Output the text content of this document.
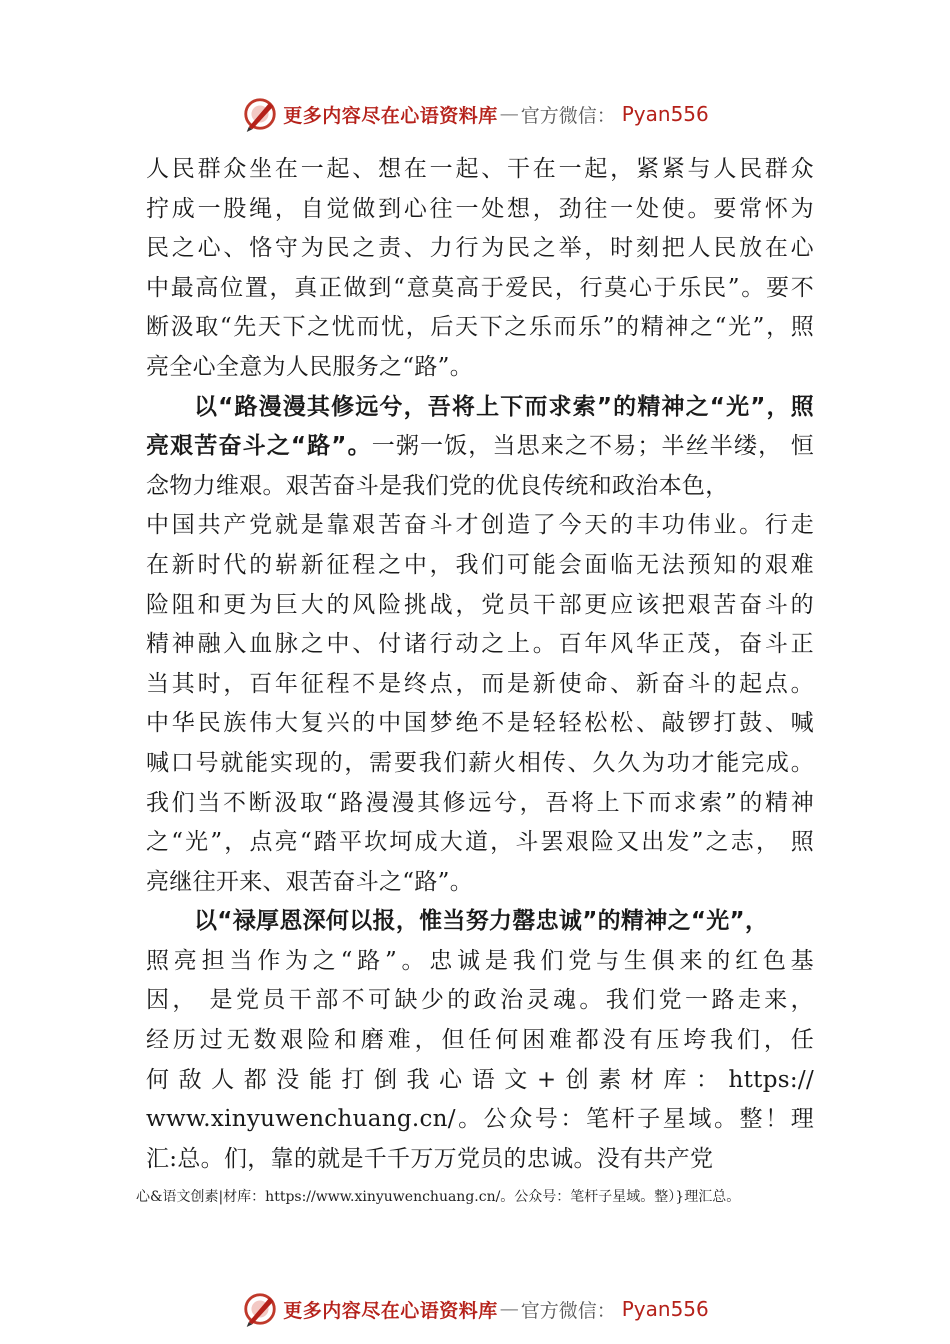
更多内容尽在心语资料库 — 官方微信： Pyan556
人民群众坐在一起、想在一起、干在一起，紧紧与人民群众
拧成一股绳，自觉做到心往一处想，劲往一处使。要常怀为
民之心、恪守为民之责、力行为民之举，时刻把人民放在心
中最高位置，真正做到“意莫高于爱民，行莫心于乐民”。要不
断汲取“先天下之忧而忧，后天下之乐而乐”的精神之“光”，照
亮全心全意为人民服务之“路”。
以“路漫漫其修远兮，吾将上下而求索”的精神之“光”，照
亮艰苦奋斗之“路”。一粥一饭，当思来之不易；半丝半缕， 恒
念物力维艰。艰苦奋斗是我们党的优良传统和政治本色，
中国共产党就是靠艰苦奋斗才创造了今天的丰功伟业。行走
在新时代的崭新征程之中，我们可能会面临无法预知的艰难
险阻和更为巨大的风险挑战，党员干部更应该把艰苦奋斗的
精神融入血脉之中、付诸行动之上。百年风华正茂，奋斗正
当其时，百年征程不是终点，而是新使命、新奋斗的起点。
中华民族伟大复兴的中国梦绝不是轻轻松松、敲锣打鼓、喊
喊口号就能实现的，需要我们薪火相传、久久为功才能完成。
我们当不断汲取“路漫漫其修远兮，吾将上下而求索”的精神
之“光”，点亮“踏平坎坷成大道，斗罢艰险又出发”之志， 照
亮继往开来、艰苦奋斗之“路”。
以“禄厚恩深何以报，惟当努力罄忠诚”的精神之“光”，
照亮担当作为之“路”。忠诚是我们党与生俱来的红色基
因， 是党员干部不可缺少的政治灵魂。我们党一路走来，
经历过无数艰险和磨难，但任何困难都没有压垮我们，任
何敌人都没能打倒我心语文+创素材库：https://
www.xinyuwenchuang.cn/。公众号：笔杆子星域。整！理
汇:总。们，靠的就是千千万万党员的忠诚。没有共产党
心&语文创素|材库：https://www.xinyuwenchuang.cn/。公众号：笔杆子星域。整）}理汇总。
更多内容尽在心语资料库 — 官方微信： Pyan556
